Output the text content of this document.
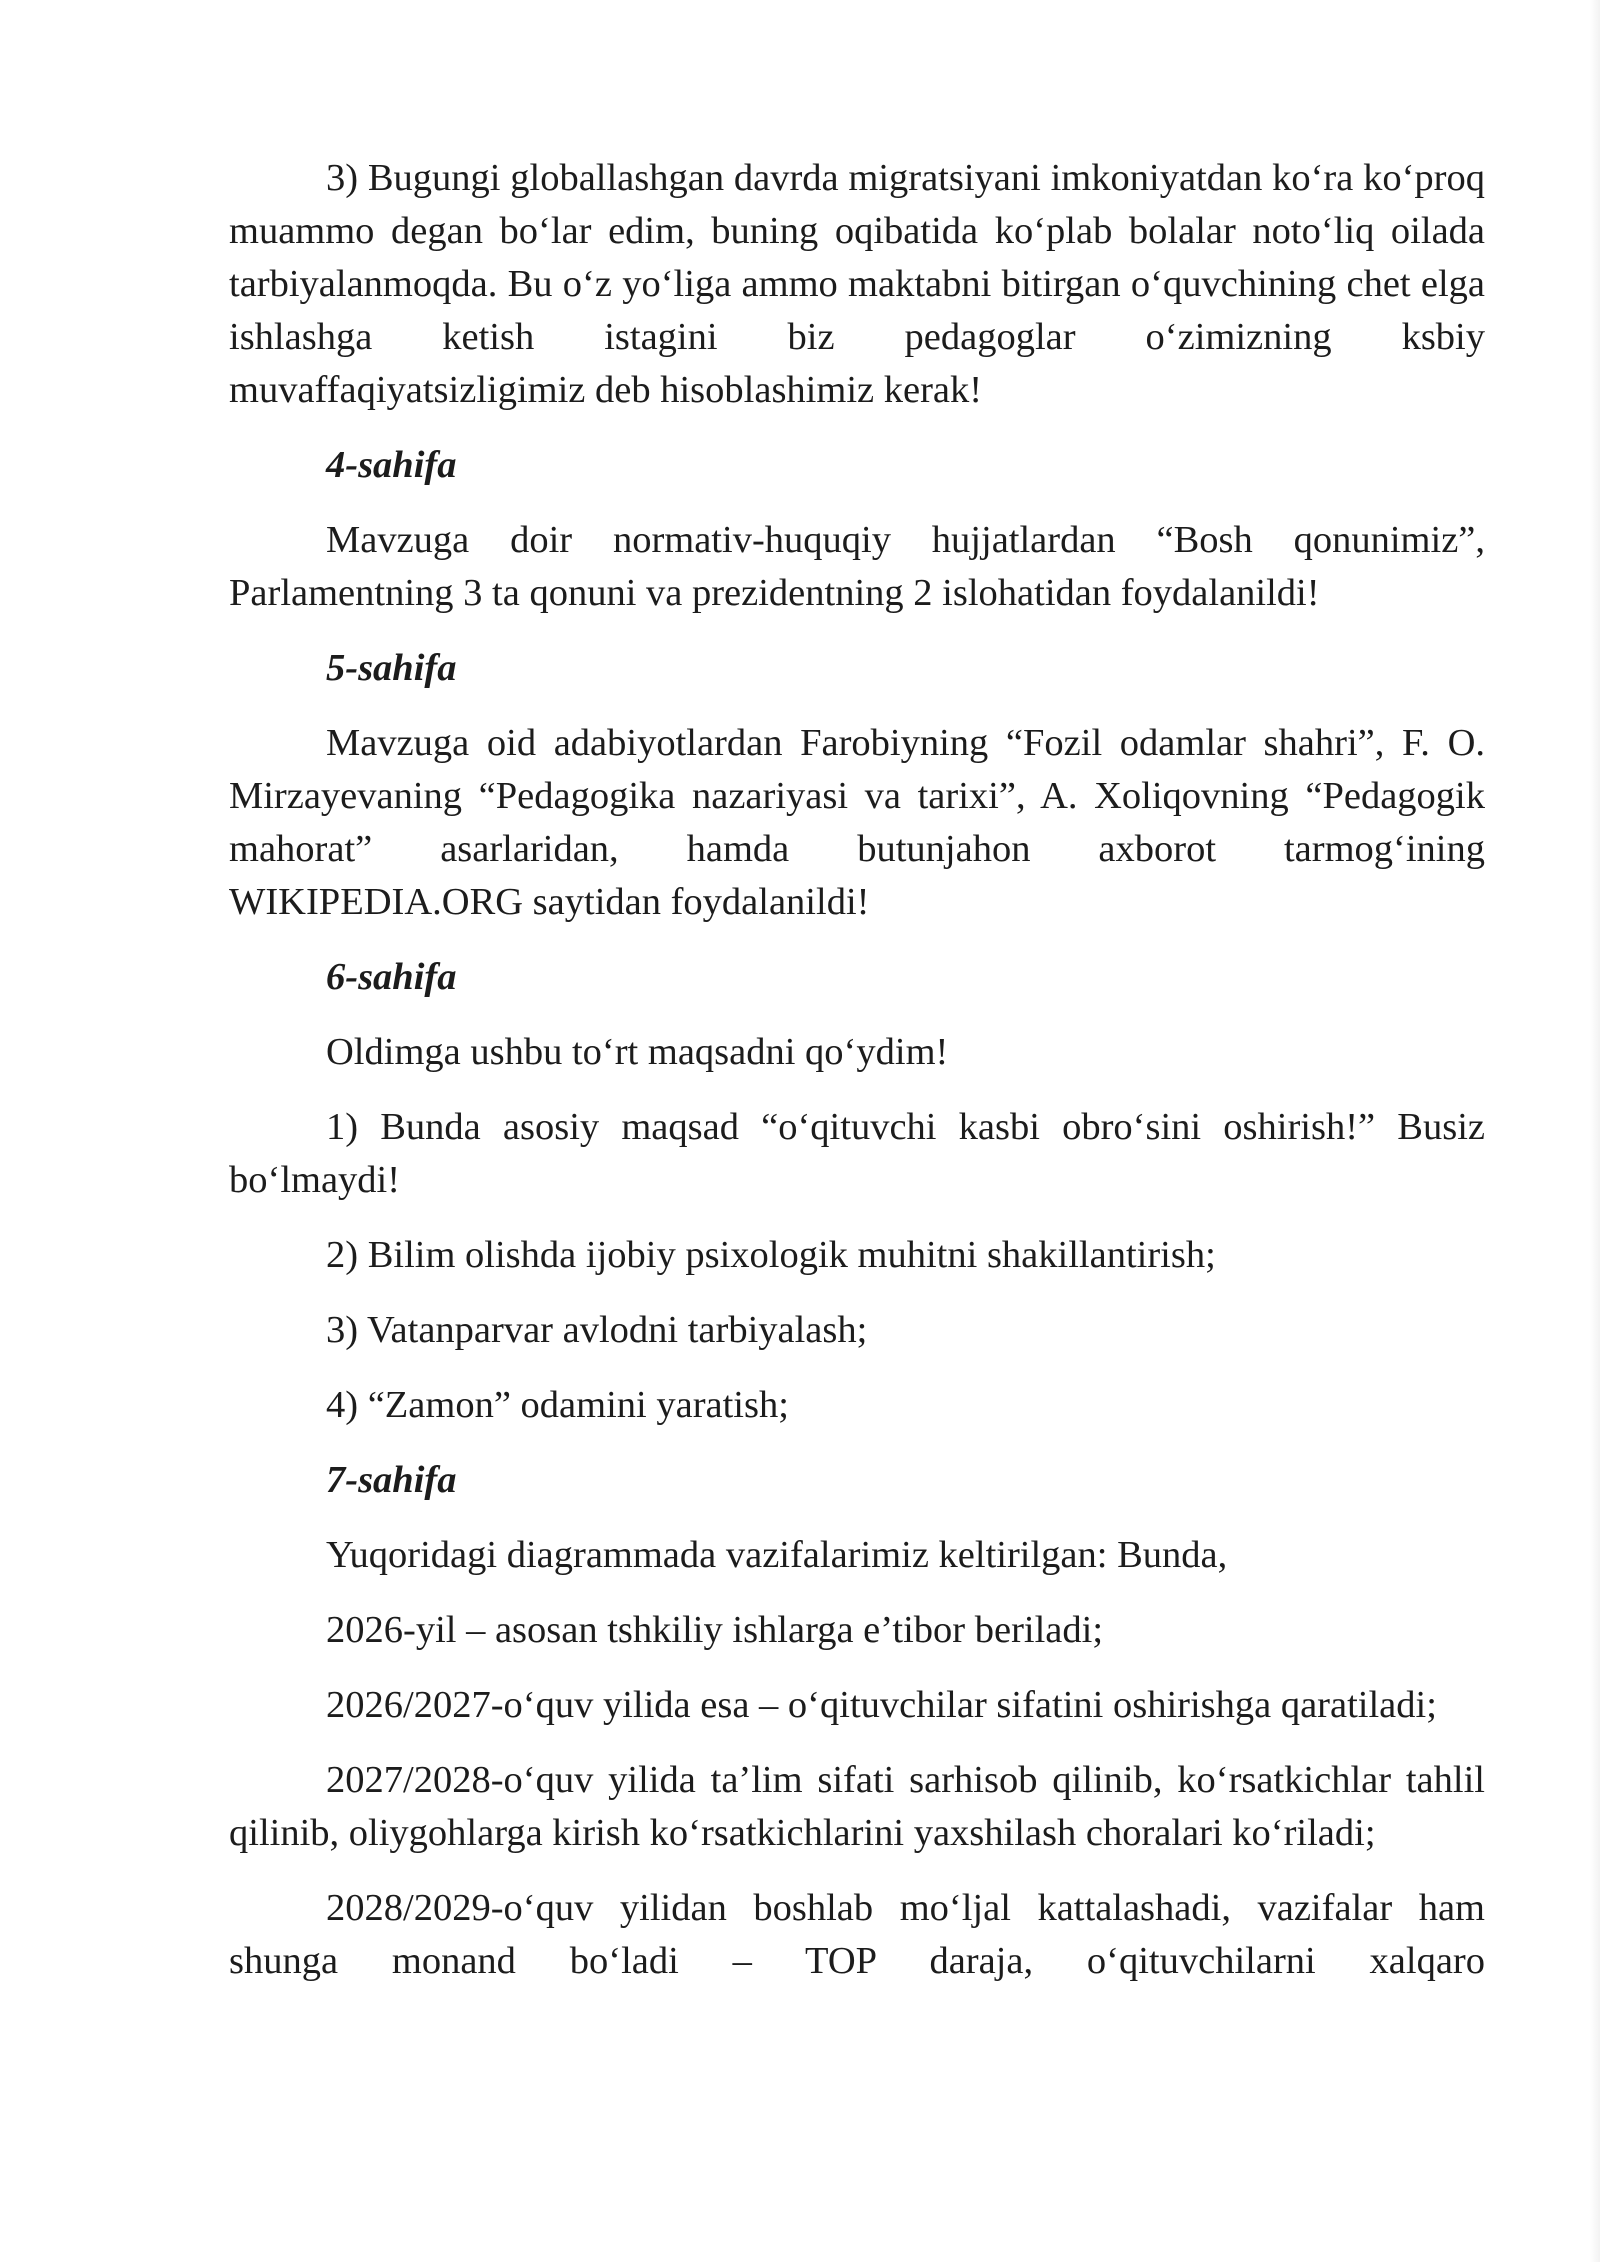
3) Bugungi globallashgan davrda migratsiyani imkoniyatdan ko‘ra ko‘proq muammo degan bo‘lar edim, buning oqibatida ko‘plab bolalar noto‘liq oilada tarbiyalanmoqda. Bu o‘z yo‘liga ammo maktabni bitirgan o‘quvchining chet elga ishlashga ketish istagini biz pedagoglar o‘zimizning ksbiy muvaffaqiyatsizligimiz deb hisoblashimiz kerak!
4-sahifa
Mavzuga doir normativ-huquqiy hujjatlardan “Bosh qonunimiz”, Parlamentning 3 ta qonuni va prezidentning 2 islohatidan foydalanildi!
5-sahifa
Mavzuga oid adabiyotlardan Farobiyning “Fozil odamlar shahri”, F. O. Mirzayevaning “Pedagogika nazariyasi va tarixi”, A. Xoliqovning “Pedagogik mahorat” asarlaridan, hamda butunjahon axborot tarmog‘ining WIKIPEDIA.ORG saytidan foydalanildi!
6-sahifa
Oldimga ushbu to‘rt maqsadni qo‘ydim!
1) Bunda asosiy maqsad “o‘qituvchi kasbi obro‘sini oshirish!” Busiz bo‘lmaydi!
2) Bilim olishda ijobiy psixologik muhitni shakillantirish;
3) Vatanparvar avlodni tarbiyalash;
4) “Zamon” odamini yaratish;
7-sahifa
Yuqoridagi diagrammada vazifalarimiz keltirilgan: Bunda,
2026-yil – asosan tshkiliy ishlarga e’tibor beriladi;
2026/2027-o‘quv yilida esa – o‘qituvchilar sifatini oshirishga qaratiladi;
2027/2028-o‘quv yilida ta’lim sifati sarhisob qilinib, ko‘rsatkichlar tahlil qilinib, oliygohlarga kirish ko‘rsatkichlarini yaxshilash choralari ko‘riladi;
2028/2029-o‘quv yilidan boshlab mo‘ljal kattalashadi, vazifalar ham shunga monand bo‘ladi – TOP daraja, o‘qituvchilarni xalqaro
